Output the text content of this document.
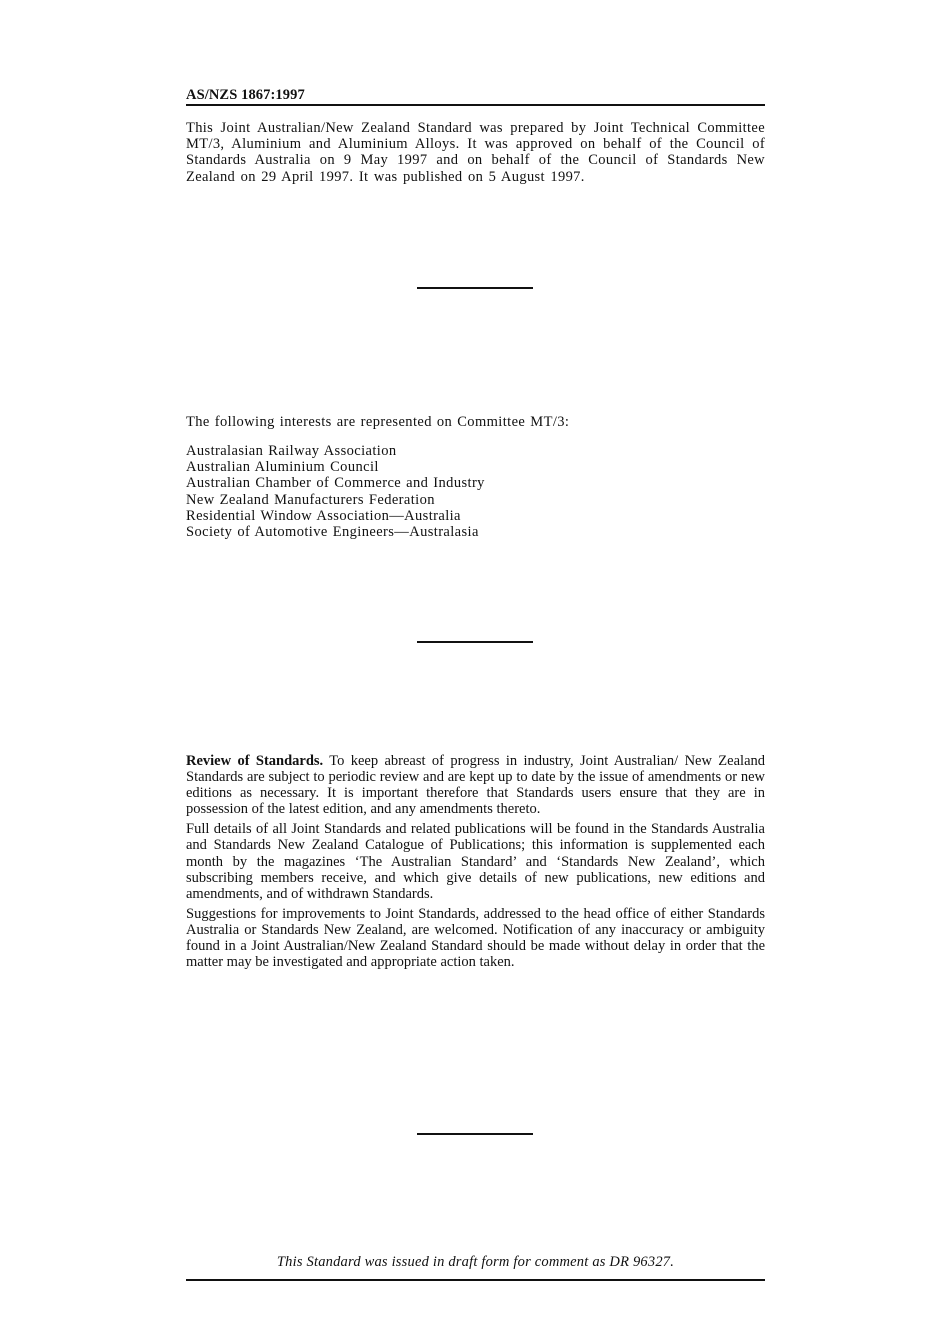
AS/NZS 1867:1997
This Joint Australian/New Zealand Standard was prepared by Joint Technical Committee MT/3, Aluminium and Aluminium Alloys. It was approved on behalf of the Council of Standards Australia on 9 May 1997 and on behalf of the Council of Standards New Zealand on 29 April 1997. It was published on 5 August 1997.
The following interests are represented on Committee MT/3:
Australasian Railway Association
Australian Aluminium Council
Australian Chamber of Commerce and Industry
New Zealand Manufacturers Federation
Residential Window Association—Australia
Society of Automotive Engineers—Australasia

Review of Standards. To keep abreast of progress in industry, Joint Australian/ New Zealand Standards are subject to periodic review and are kept up to date by the issue of amendments or new editions as necessary. It is important therefore that Standards users ensure that they are in possession of the latest edition, and any amendments thereto.

Full details of all Joint Standards and related publications will be found in the Standards Australia and Standards New Zealand Catalogue of Publications; this information is supplemented each month by the magazines ‘The Australian Standard’ and ‘Standards New Zealand’, which subscribing members receive, and which give details of new publications, new editions and amendments, and of withdrawn Standards.

Suggestions for improvements to Joint Standards, addressed to the head office of either Standards Australia or Standards New Zealand, are welcomed. Notification of any inaccuracy or ambiguity found in a Joint Australian/New Zealand Standard should be made without delay in order that the matter may be investigated and appropriate action taken.

This Standard was issued in draft form for comment as DR 96327.
